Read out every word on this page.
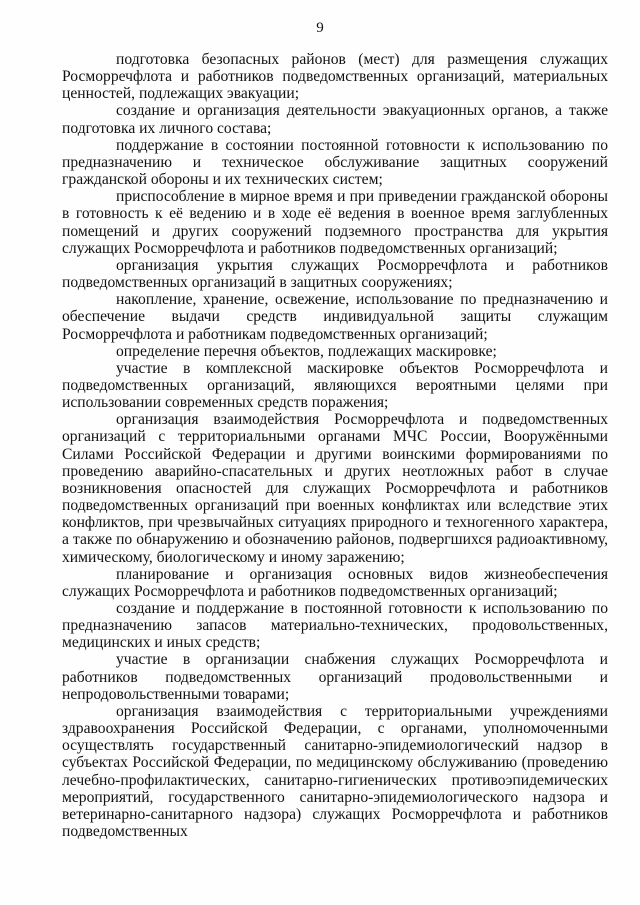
9

подготовка безопасных районов (мест) для размещения служащих Росморречфлота и работников подведомственных организаций, материальных ценностей, подлежащих эвакуации;

создание и организация деятельности эвакуационных органов, а также подготовка их личного состава;

поддержание в состоянии постоянной готовности к использованию по предназначению и техническое обслуживание защитных сооружений гражданской обороны и их технических систем;

приспособление в мирное время и при приведении гражданской обороны в готовность к её ведению и в ходе её ведения в военное время заглубленных помещений и других сооружений подземного пространства для укрытия служащих Росморречфлота и работников подведомственных организаций;

организация укрытия служащих Росморречфлота и работников подведомственных организаций в защитных сооружениях;

накопление, хранение, освежение, использование по предназначению и обеспечение выдачи средств индивидуальной защиты служащим Росморречфлота и работникам подведомственных организаций;

определение перечня объектов, подлежащих маскировке;

участие в комплексной маскировке объектов Росморречфлота и подведомственных организаций, являющихся вероятными целями при использовании современных средств поражения;

организация взаимодействия Росморречфлота и подведомственных организаций с территориальными органами МЧС России, Вооружёнными Силами Российской Федерации и другими воинскими формированиями по проведению аварийно-спасательных и других неотложных работ в случае возникновения опасностей для служащих Росморречфлота и работников подведомственных организаций при военных конфликтах или вследствие этих конфликтов, при чрезвычайных ситуациях природного и техногенного характера, а также по обнаружению и обозначению районов, подвергшихся радиоактивному, химическому, биологическому и иному заражению;

планирование и организация основных видов жизнеобеспечения служащих Росморречфлота и работников подведомственных организаций;

создание и поддержание в постоянной готовности к использованию по предназначению запасов материально-технических, продовольственных, медицинских и иных средств;

участие в организации снабжения служащих Росморречфлота и работников подведомственных организаций продовольственными и непродовольственными товарами;

организация взаимодействия с территориальными учреждениями здравоохранения Российской Федерации, с органами, уполномоченными осуществлять государственный санитарно-эпидемиологический надзор в субъектах Российской Федерации, по медицинскому обслуживанию (проведению лечебно-профилактических, санитарно-гигиенических противоэпидемических мероприятий, государственного санитарно-эпидемиологического надзора и ветеринарно-санитарного надзора) служащих Росморречфлота и работников подведомственных
